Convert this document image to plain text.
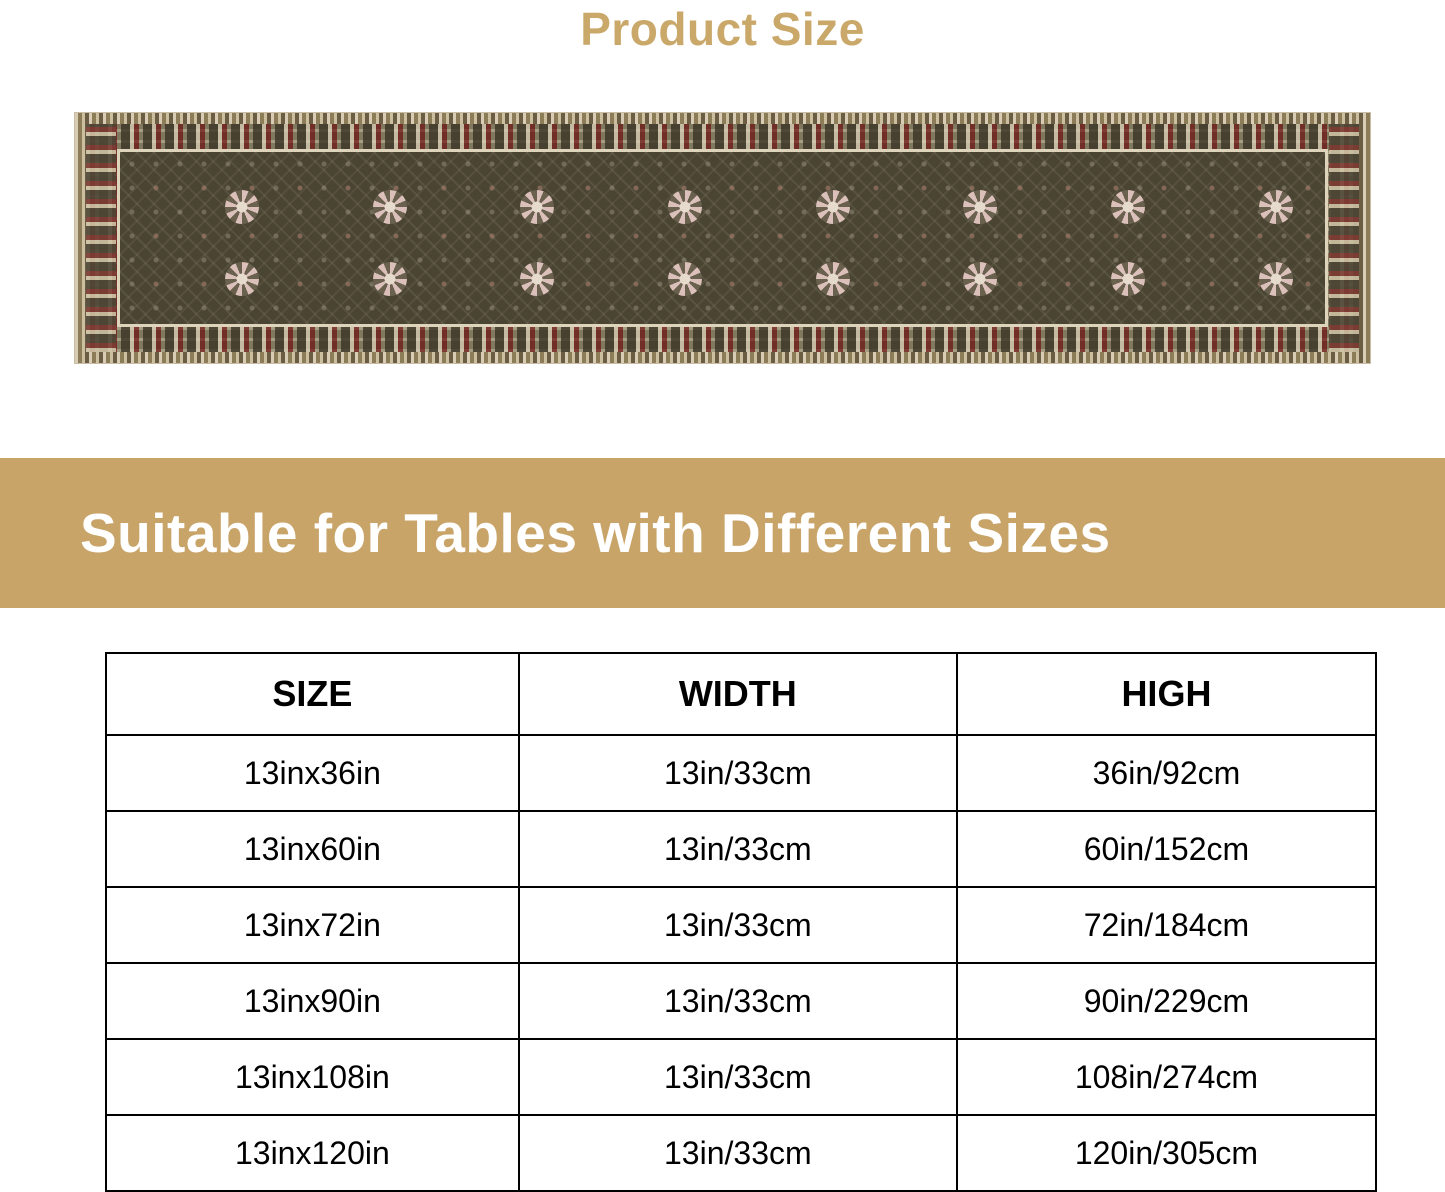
Product Size
Suitable for Tables with Different Sizes
SIZE	WIDTH	HIGH
13inx36in	13in/33cm	36in/92cm
13inx60in	13in/33cm	60in/152cm
13inx72in	13in/33cm	72in/184cm
13inx90in	13in/33cm	90in/229cm
13inx108in	13in/33cm	108in/274cm
13inx120in	13in/33cm	120in/305cm
